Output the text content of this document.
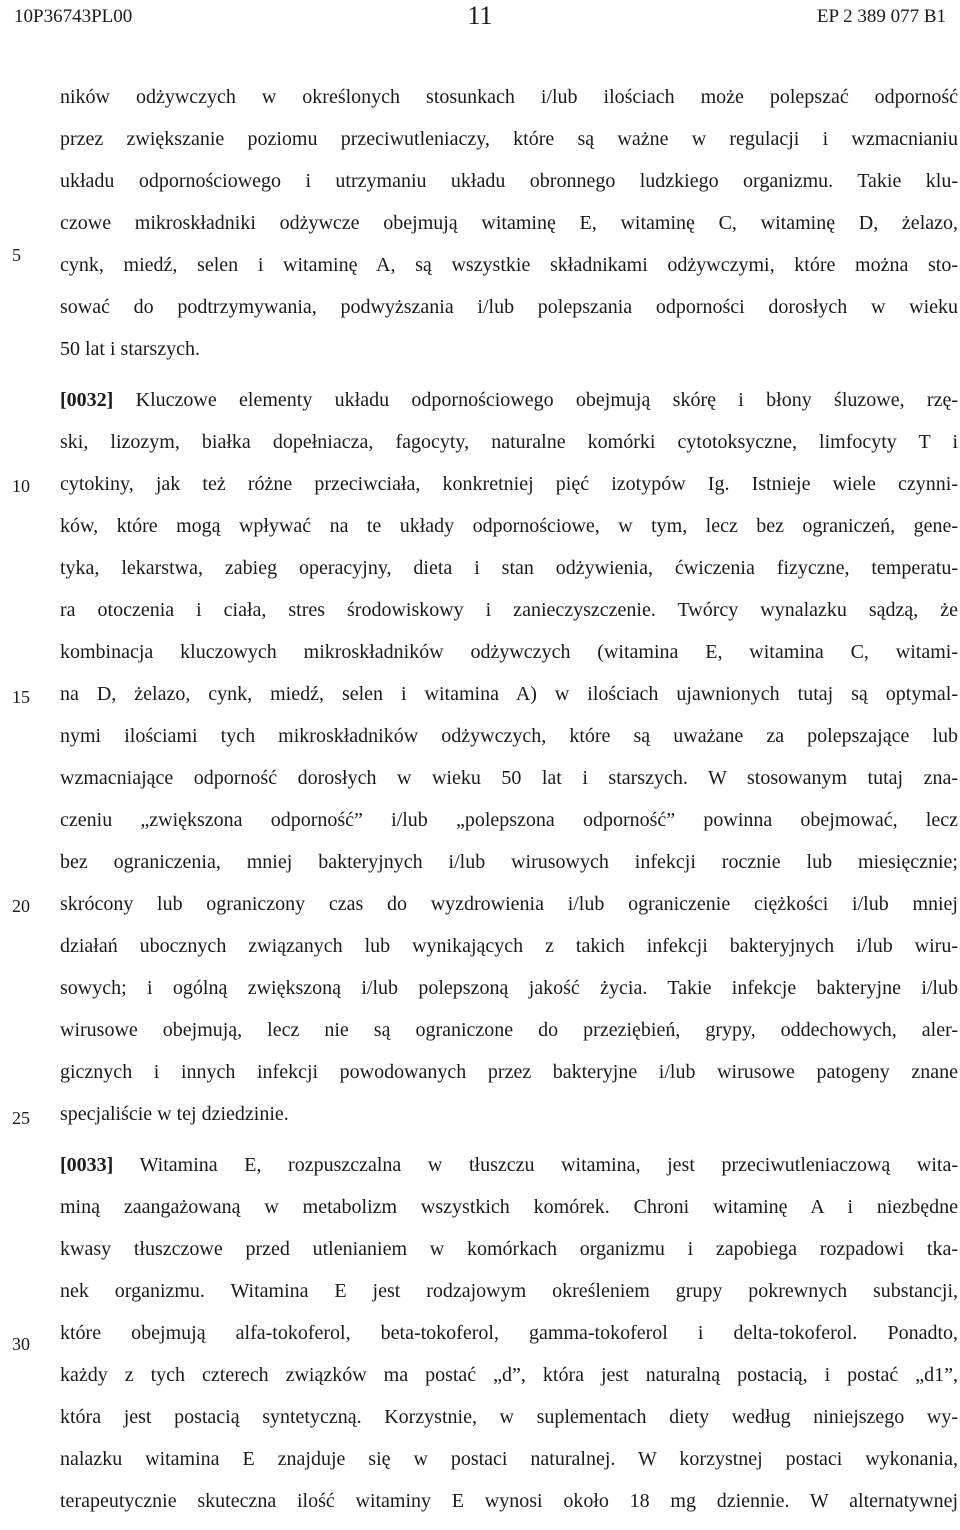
10P36743PL00	11	EP 2 389 077 B1
5
10
15
20
25
30
ników odżywczych w określonych stosunkach i/lub ilościach może polepszać odporność
przez zwiększanie poziomu przeciwutleniaczy, które są ważne w regulacji i wzmacnianiu
układu odpornościowego i utrzymaniu układu obronnego ludzkiego organizmu. Takie klu-
czowe mikroskładniki odżywcze obejmują witaminę E, witaminę C, witaminę D, żelazo,
cynk, miedź, selen i witaminę A, są wszystkie składnikami odżywczymi, które można sto-
sować do podtrzymywania, podwyższania i/lub polepszania odporności dorosłych w wieku
50 lat i starszych.
[0032] Kluczowe elementy układu odpornościowego obejmują skórę i błony śluzowe, rzę-
ski, lizozym, białka dopełniacza, fagocyty, naturalne komórki cytotoksyczne, limfocyty T i
cytokiny, jak też różne przeciwciała, konkretniej pięć izotypów Ig. Istnieje wiele czynni-
ków, które mogą wpływać na te układy odpornościowe, w tym, lecz bez ograniczeń, gene-
tyka, lekarstwa, zabieg operacyjny, dieta i stan odżywienia, ćwiczenia fizyczne, temperatu-
ra otoczenia i ciała, stres środowiskowy i zanieczyszczenie. Twórcy wynalazku sądzą, że
kombinacja kluczowych mikroskładników odżywczych (witamina E, witamina C, witami-
na D, żelazo, cynk, miedź, selen i witamina A) w ilościach ujawnionych tutaj są optymal-
nymi ilościami tych mikroskładników odżywczych, które są uważane za polepszające lub
wzmacniające odporność dorosłych w wieku 50 lat i starszych. W stosowanym tutaj zna-
czeniu „zwiększona odporność” i/lub „polepszona odporność” powinna obejmować, lecz
bez ograniczenia, mniej bakteryjnych i/lub wirusowych infekcji rocznie lub miesięcznie;
skrócony lub ograniczony czas do wyzdrowienia i/lub ograniczenie ciężkości i/lub mniej
działań ubocznych związanych lub wynikających z takich infekcji bakteryjnych i/lub wiru-
sowych; i ogólną zwiększoną i/lub polepszoną jakość życia. Takie infekcje bakteryjne i/lub
wirusowe obejmują, lecz nie są ograniczone do przeziębień, grypy, oddechowych, aler-
gicznych i innych infekcji powodowanych przez bakteryjne i/lub wirusowe patogeny znane
specjaliście w tej dziedzinie.
[0033] Witamina E, rozpuszczalna w tłuszczu witamina, jest przeciwutleniaczową wita-
miną zaangażowaną w metabolizm wszystkich komórek. Chroni witaminę A i niezbędne
kwasy tłuszczowe przed utlenianiem w komórkach organizmu i zapobiega rozpadowi tka-
nek organizmu. Witamina E jest rodzajowym określeniem grupy pokrewnych substancji,
które obejmują alfa-tokoferol, beta-tokoferol, gamma-tokoferol i delta-tokoferol. Ponadto,
każdy z tych czterech związków ma postać „d”, która jest naturalną postacią, i postać „d1”,
która jest postacią syntetyczną. Korzystnie, w suplementach diety według niniejszego wy-
nalazku witamina E znajduje się w postaci naturalnej. W korzystnej postaci wykonania,
terapeutycznie skuteczna ilość witaminy E wynosi około 18 mg dziennie. W alternatywnej
